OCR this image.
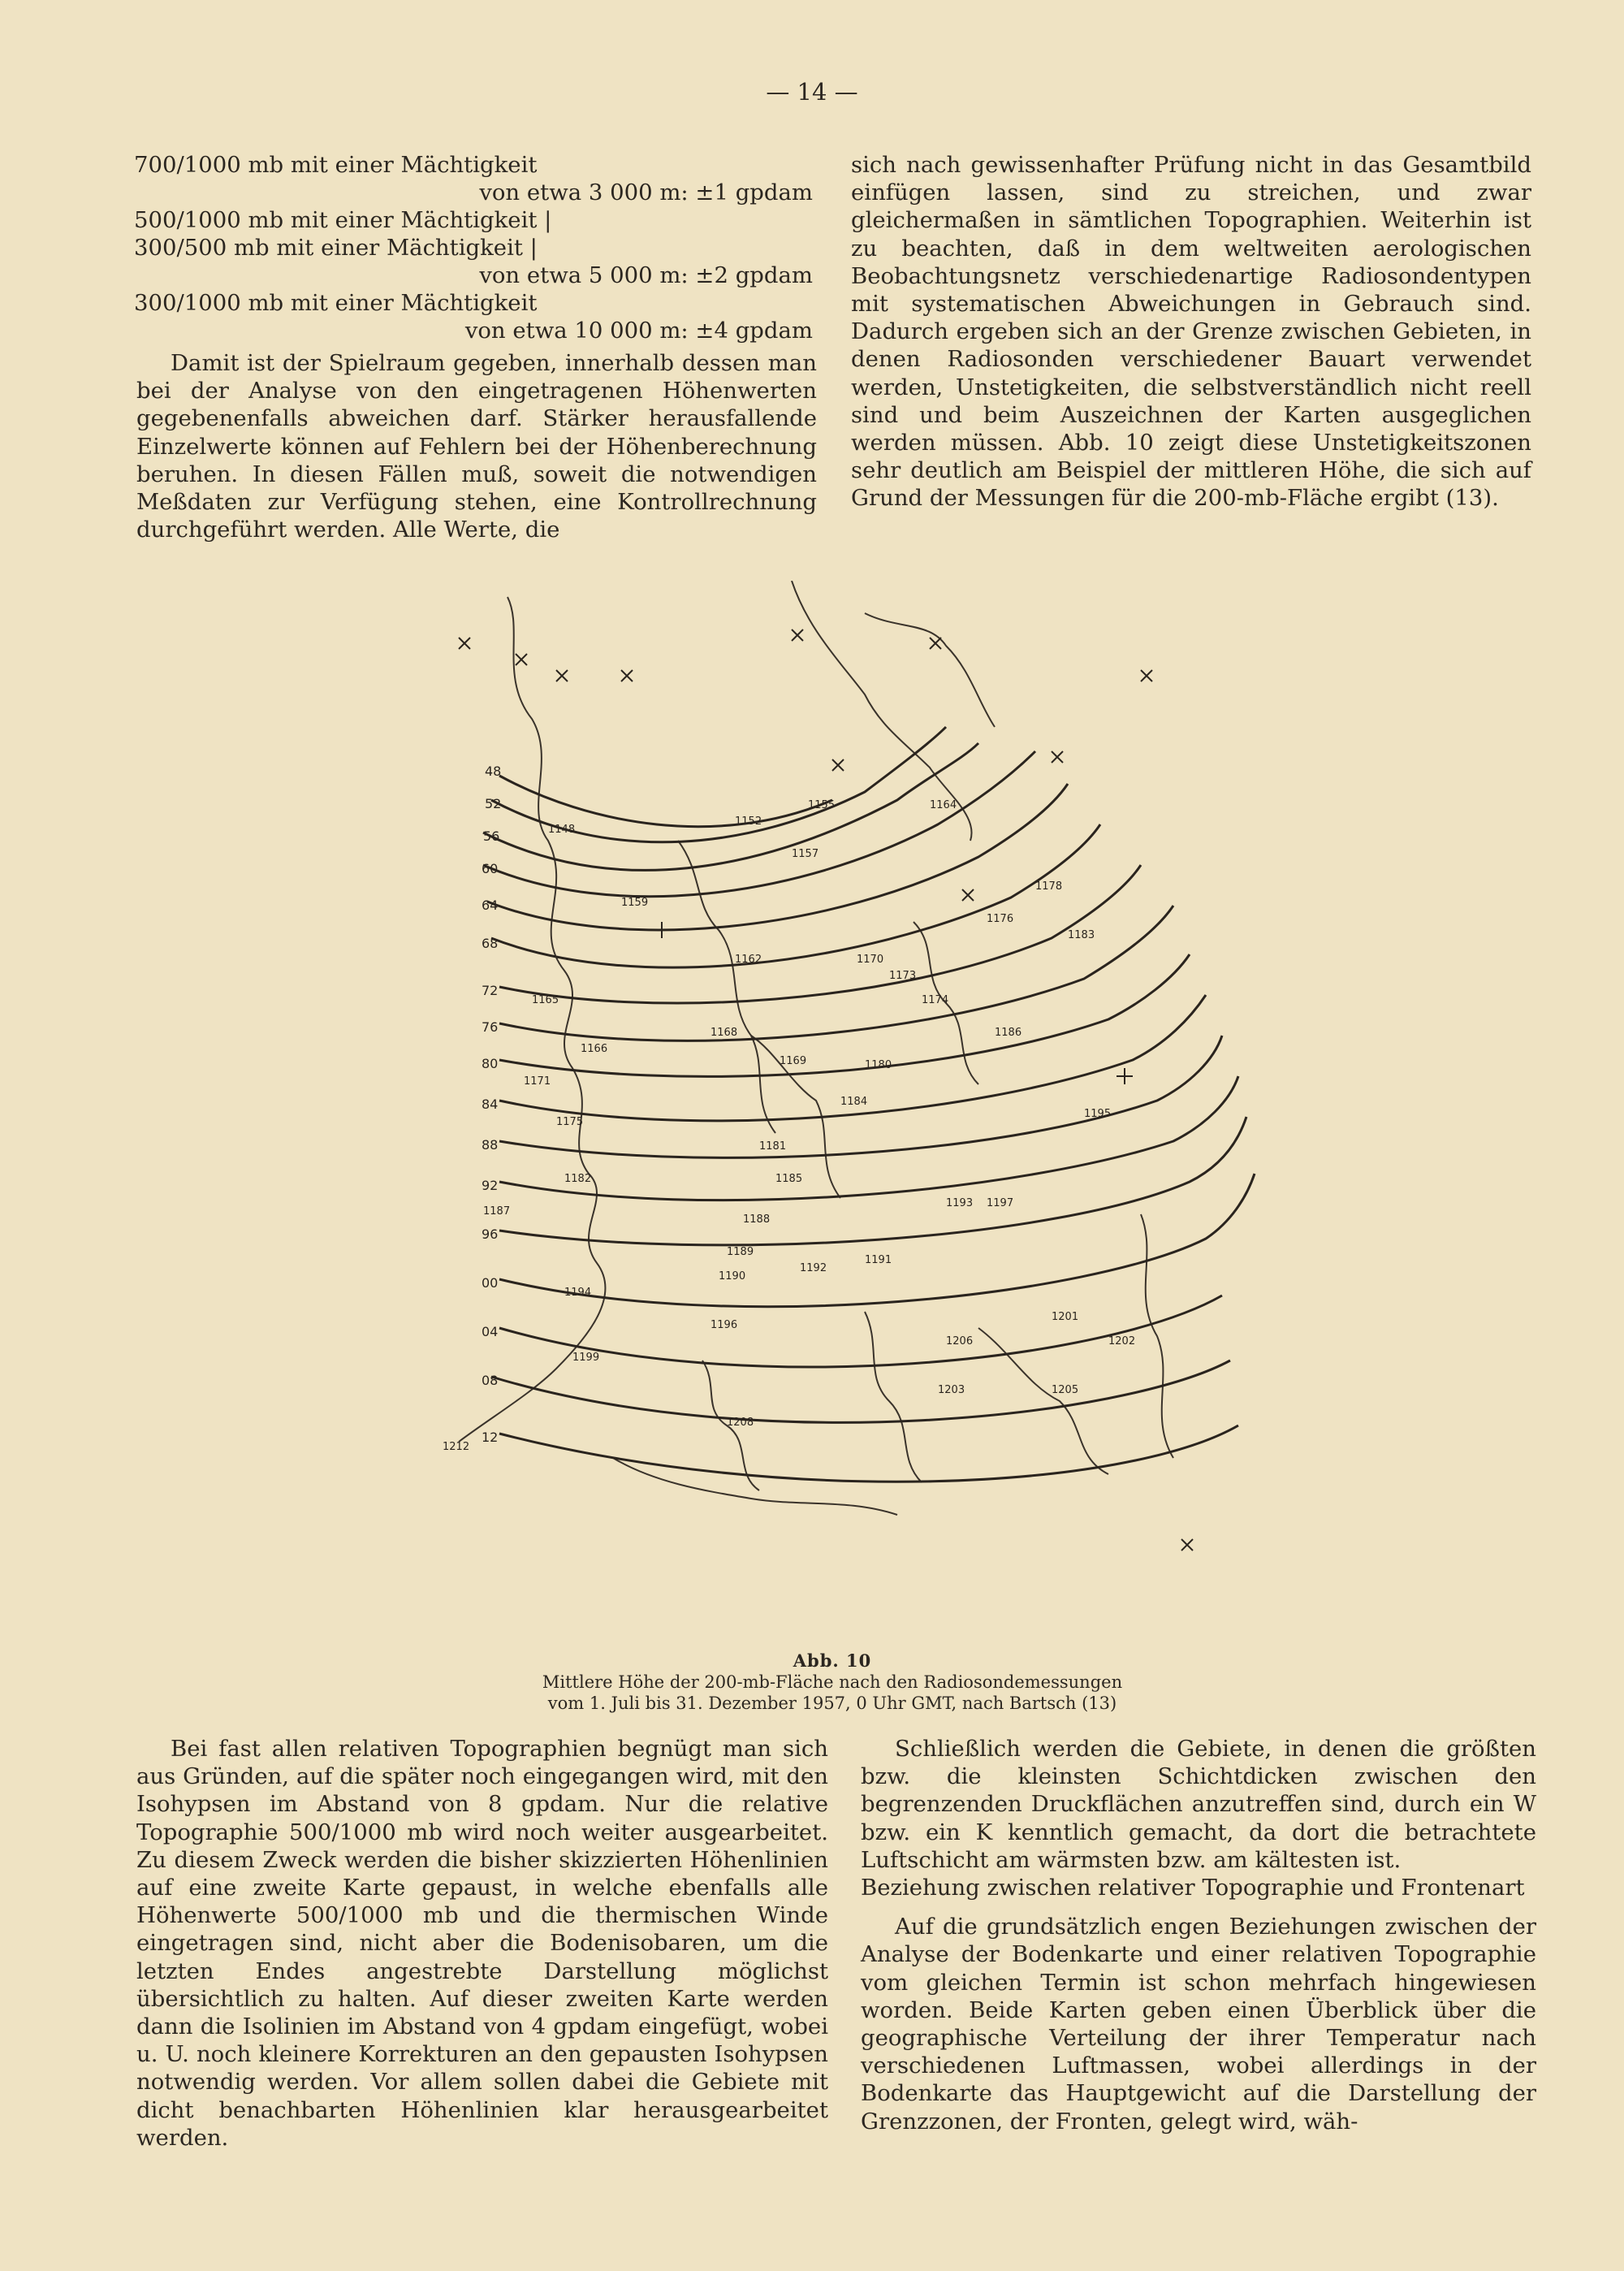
— 14 —
700/1000 mb mit einer Mächtigkeit
von etwa 3 000 m: ±1 gpdam
500/1000 mb mit einer Mächtigkeit |
300/500 mb mit einer Mächtigkeit |
von etwa 5 000 m: ±2 gpdam
300/1000 mb mit einer Mächtigkeit
von etwa 10 000 m: ±4 gpdam

Damit ist der Spielraum gegeben, innerhalb dessen man bei der Analyse von den eingetragenen Höhenwerten gegebenenfalls abweichen darf. Stärker herausfallende Einzelwerte können auf Fehlern bei der Höhenberechnung beruhen. In diesen Fällen muß, soweit die notwendigen Meßdaten zur Verfügung stehen, eine Kontrollrechnung durchgeführt werden. Alle Werte, die

sich nach gewissenhafter Prüfung nicht in das Gesamtbild einfügen lassen, sind zu streichen, und zwar gleichermaßen in sämtlichen Topographien. Weiterhin ist zu beachten, daß in dem weltweiten aerologischen Beobachtungsnetz verschiedenartige Radiosondentypen mit systematischen Abweichungen in Gebrauch sind. Dadurch ergeben sich an der Grenze zwischen Gebieten, in denen Radiosonden verschiedener Bauart verwendet werden, Unstetigkeiten, die selbstverständlich nicht reell sind und beim Auszeichnen der Karten ausgeglichen werden müssen. Abb. 10 zeigt diese Unstetigkeitszonen sehr deutlich am Beispiel der mittleren Höhe, die sich auf Grund der Messungen für die 200-mb-Fläche ergibt (13).

48
52
56
60
64
68
72
76
80
84
88
92
96
00
04
08
12
1148
1152
1155
1157
1159
1162
1164
1165
1166
1168
1169
1170
1171
1173
1174
1175
1176
1178
1180
1181
1182
1183
1184
1185
1186
1187
1188
1189
1190
1191
1192
1193
1194
1195
1196
1197
1199
1201
1202
1203	1205
1206
1208
1212
Abb. 10
Mittlere Höhe der 200-mb-Fläche nach den Radiosondemessungen
vom 1. Juli bis 31. Dezember 1957, 0 Uhr GMT, nach Bartsch (13)

Bei fast allen relativen Topographien begnügt man sich aus Gründen, auf die später noch eingegangen wird, mit den Isohypsen im Abstand von 8 gpdam. Nur die relative Topographie 500/1000 mb wird noch weiter ausgearbeitet. Zu diesem Zweck werden die bisher skizzierten Höhenlinien auf eine zweite Karte gepaust, in welche ebenfalls alle Höhenwerte 500/1000 mb und die thermischen Winde eingetragen sind, nicht aber die Bodenisobaren, um die letzten Endes angestrebte Darstellung möglichst übersichtlich zu halten. Auf dieser zweiten Karte werden dann die Isolinien im Abstand von 4 gpdam eingefügt, wobei u. U. noch kleinere Korrekturen an den gepausten Isohypsen notwendig werden. Vor allem sollen dabei die Gebiete mit dicht benachbarten Höhenlinien klar herausgearbeitet werden.

Schließlich werden die Gebiete, in denen die größten bzw. die kleinsten Schichtdicken zwischen den begrenzenden Druckflächen anzutreffen sind, durch ein W bzw. ein K kenntlich gemacht, da dort die betrachtete Luftschicht am wärmsten bzw. am kältesten ist.

Beziehung zwischen relativer Topographie und Frontenart

Auf die grundsätzlich engen Beziehungen zwischen der Analyse der Bodenkarte und einer relativen Topographie vom gleichen Termin ist schon mehrfach hingewiesen worden. Beide Karten geben einen Überblick über die geographische Verteilung der ihrer Temperatur nach verschiedenen Luftmassen, wobei allerdings in der Bodenkarte das Hauptgewicht auf die Darstellung der Grenzzonen, der Fronten, gelegt wird, wäh-
